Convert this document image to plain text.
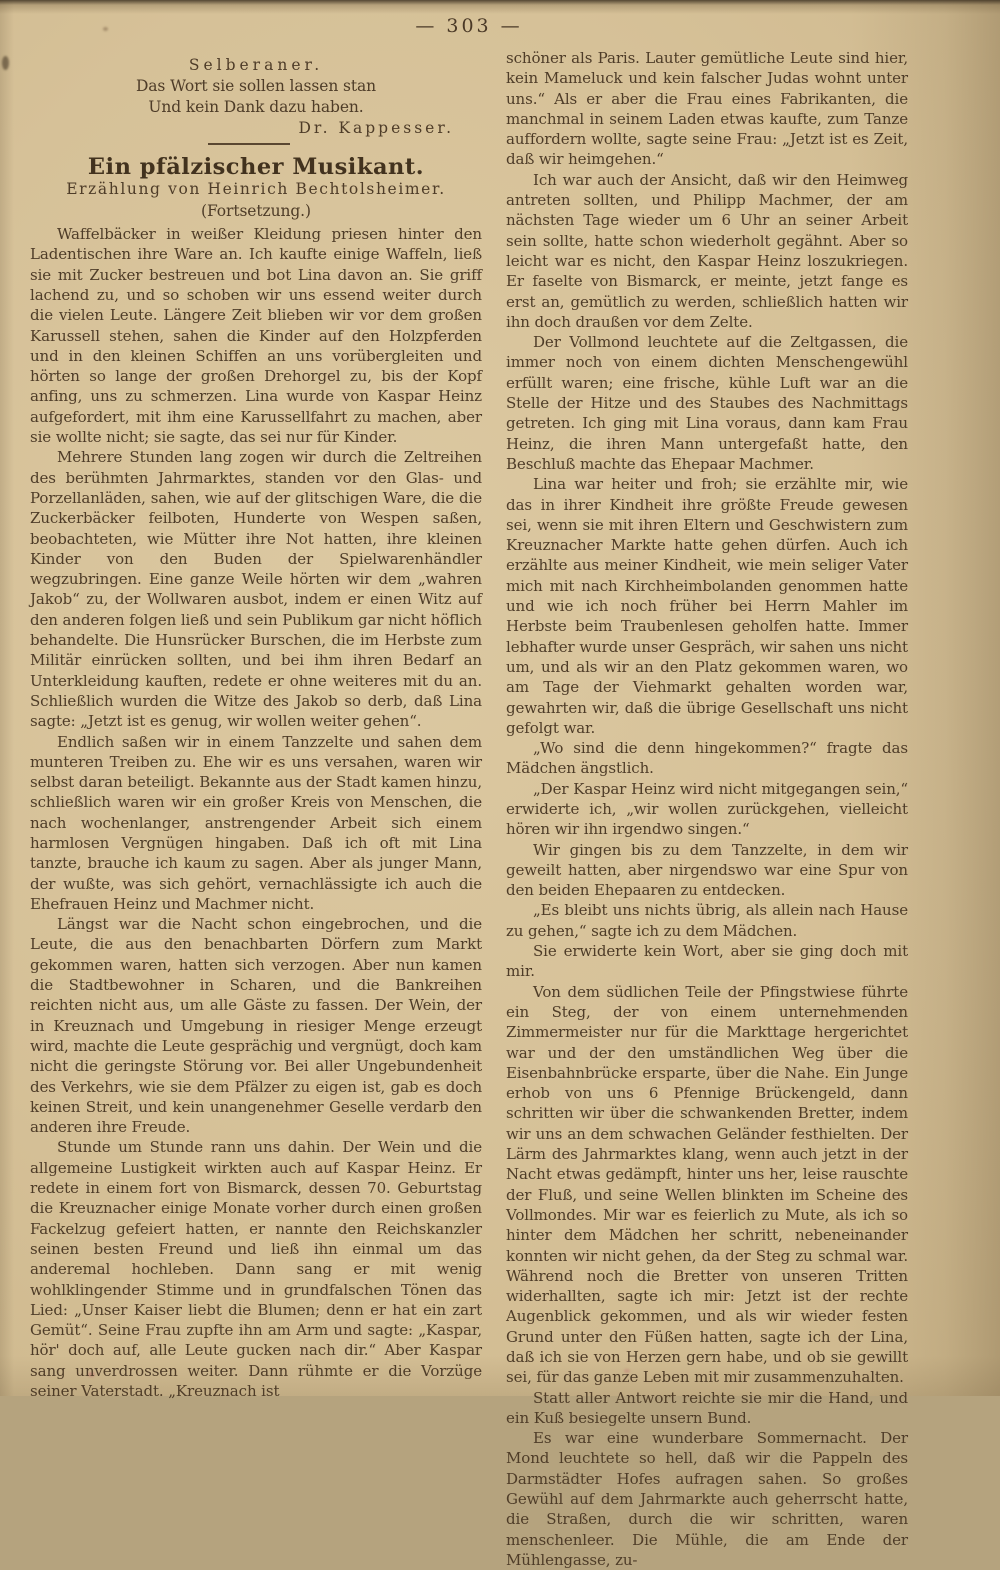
— 303 —
Selberaner.
Das Wort sie sollen lassen stan
Und kein Dank dazu haben.
Dr. Kappesser.
Ein pfälzischer Musikant.
Erzählung von Heinrich Bechtolsheimer.
(Fortsetzung.)

Waffelbäcker in weißer Kleidung priesen hinter den Ladentischen ihre Ware an. Ich kaufte einige Waffeln, ließ sie mit Zucker bestreuen und bot Lina davon an. Sie griff lachend zu, und so schoben wir uns essend weiter durch die vielen Leute. Längere Zeit blieben wir vor dem großen Karussell stehen, sahen die Kinder auf den Holzpferden und in den kleinen Schiffen an uns vorübergleiten und hörten so lange der großen Drehorgel zu, bis der Kopf anfing, uns zu schmerzen. Lina wurde von Kaspar Heinz aufgefordert, mit ihm eine Karussellfahrt zu machen, aber sie wollte nicht; sie sagte, das sei nur für Kinder.

Mehrere Stunden lang zogen wir durch die Zeltreihen des berühmten Jahrmarktes, standen vor den Glas- und Porzellanläden, sahen, wie auf der glitschigen Ware, die die Zuckerbäcker feilboten, Hunderte von Wespen saßen, beobachteten, wie Mütter ihre Not hatten, ihre kleinen Kinder von den Buden der Spielwarenhändler wegzubringen. Eine ganze Weile hörten wir dem „wahren Jakob“ zu, der Wollwaren ausbot, indem er einen Witz auf den anderen folgen ließ und sein Publikum gar nicht höflich behandelte. Die Hunsrücker Burschen, die im Herbste zum Militär einrücken sollten, und bei ihm ihren Bedarf an Unterkleidung kauften, redete er ohne weiteres mit du an. Schließlich wurden die Witze des Jakob so derb, daß Lina sagte: „Jetzt ist es genug, wir wollen weiter gehen“.

Endlich saßen wir in einem Tanzzelte und sahen dem munteren Treiben zu. Ehe wir es uns versahen, waren wir selbst daran beteiligt. Bekannte aus der Stadt kamen hinzu, schließlich waren wir ein großer Kreis von Menschen, die nach wochenlanger, anstrengender Arbeit sich einem harmlosen Vergnügen hingaben. Daß ich oft mit Lina tanzte, brauche ich kaum zu sagen. Aber als junger Mann, der wußte, was sich gehört, vernachlässigte ich auch die Ehefrauen Heinz und Machmer nicht.

Längst war die Nacht schon eingebrochen, und die Leute, die aus den benachbarten Dörfern zum Markt gekommen waren, hatten sich verzogen. Aber nun kamen die Stadtbewohner in Scharen, und die Bankreihen reichten nicht aus, um alle Gäste zu fassen. Der Wein, der in Kreuznach und Umgebung in riesiger Menge erzeugt wird, machte die Leute gesprächig und vergnügt, doch kam nicht die geringste Störung vor. Bei aller Ungebundenheit des Verkehrs, wie sie dem Pfälzer zu eigen ist, gab es doch keinen Streit, und kein unangenehmer Geselle verdarb den anderen ihre Freude.

Stunde um Stunde rann uns dahin. Der Wein und die allgemeine Lustigkeit wirkten auch auf Kaspar Heinz. Er redete in einem fort von Bismarck, dessen 70. Geburtstag die Kreuznacher einige Monate vorher durch einen großen Fackelzug gefeiert hatten, er nannte den Reichskanzler seinen besten Freund und ließ ihn einmal um das anderemal hochleben. Dann sang er mit wenig wohlklingender Stimme und in grundfalschen Tönen das Lied: „Unser Kaiser liebt die Blumen; denn er hat ein zart Gemüt“. Seine Frau zupfte ihn am Arm und sagte: „Kaspar, hör' doch auf, alle Leute gucken nach dir.“ Aber Kaspar sang unverdrossen weiter. Dann rühmte er die Vorzüge seiner Vaterstadt. „Kreuznach ist

schöner als Paris. Lauter gemütliche Leute sind hier, kein Mameluck und kein falscher Judas wohnt unter uns.“ Als er aber die Frau eines Fabrikanten, die manchmal in seinem Laden etwas kaufte, zum Tanze auffordern wollte, sagte seine Frau: „Jetzt ist es Zeit, daß wir heimgehen.“

Ich war auch der Ansicht, daß wir den Heimweg antreten sollten, und Philipp Machmer, der am nächsten Tage wieder um 6 Uhr an seiner Arbeit sein sollte, hatte schon wiederholt gegähnt. Aber so leicht war es nicht, den Kaspar Heinz loszukriegen. Er faselte von Bismarck, er meinte, jetzt fange es erst an, gemütlich zu werden, schließlich hatten wir ihn doch draußen vor dem Zelte.

Der Vollmond leuchtete auf die Zeltgassen, die immer noch von einem dichten Menschengewühl erfüllt waren; eine frische, kühle Luft war an die Stelle der Hitze und des Staubes des Nachmittags getreten. Ich ging mit Lina voraus, dann kam Frau Heinz, die ihren Mann untergefaßt hatte, den Beschluß machte das Ehepaar Machmer.

Lina war heiter und froh; sie erzählte mir, wie das in ihrer Kindheit ihre größte Freude gewesen sei, wenn sie mit ihren Eltern und Geschwistern zum Kreuznacher Markte hatte gehen dürfen. Auch ich erzählte aus meiner Kindheit, wie mein seliger Vater mich mit nach Kirchheimbolanden genommen hatte und wie ich noch früher bei Herrn Mahler im Herbste beim Traubenlesen geholfen hatte. Immer lebhafter wurde unser Gespräch, wir sahen uns nicht um, und als wir an den Platz gekommen waren, wo am Tage der Viehmarkt gehalten worden war, gewahrten wir, daß die übrige Gesellschaft uns nicht gefolgt war.

„Wo sind die denn hingekommen?“ fragte das Mädchen ängstlich.

„Der Kaspar Heinz wird nicht mitgegangen sein,“ erwiderte ich, „wir wollen zurückgehen, vielleicht hören wir ihn irgendwo singen.“

Wir gingen bis zu dem Tanzzelte, in dem wir geweilt hatten, aber nirgendswo war eine Spur von den beiden Ehepaaren zu entdecken.

„Es bleibt uns nichts übrig, als allein nach Hause zu gehen,“ sagte ich zu dem Mädchen.

Sie erwiderte kein Wort, aber sie ging doch mit mir.

Von dem südlichen Teile der Pfingstwiese führte ein Steg, der von einem unternehmenden Zimmermeister nur für die Markttage hergerichtet war und der den umständlichen Weg über die Eisenbahnbrücke ersparte, über die Nahe. Ein Junge erhob von uns 6 Pfennige Brückengeld, dann schritten wir über die schwankenden Bretter, indem wir uns an dem schwachen Geländer festhielten. Der Lärm des Jahrmarktes klang, wenn auch jetzt in der Nacht etwas gedämpft, hinter uns her, leise rauschte der Fluß, und seine Wellen blinkten im Scheine des Vollmondes. Mir war es feierlich zu Mute, als ich so hinter dem Mädchen her schritt, nebeneinander konnten wir nicht gehen, da der Steg zu schmal war. Während noch die Bretter von unseren Tritten widerhallten, sagte ich mir: Jetzt ist der rechte Augenblick gekommen, und als wir wieder festen Grund unter den Füßen hatten, sagte ich der Lina, daß ich sie von Herzen gern habe, und ob sie gewillt sei, für das ganze Leben mit mir zusammenzuhalten.

Statt aller Antwort reichte sie mir die Hand, und ein Kuß besiegelte unsern Bund.

Es war eine wunderbare Sommernacht. Der Mond leuchtete so hell, daß wir die Pappeln des Darmstädter Hofes aufragen sahen. So großes Gewühl auf dem Jahrmarkte auch geherrscht hatte, die Straßen, durch die wir schritten, waren menschenleer. Die Mühle, die am Ende der Mühlengasse, zu-
